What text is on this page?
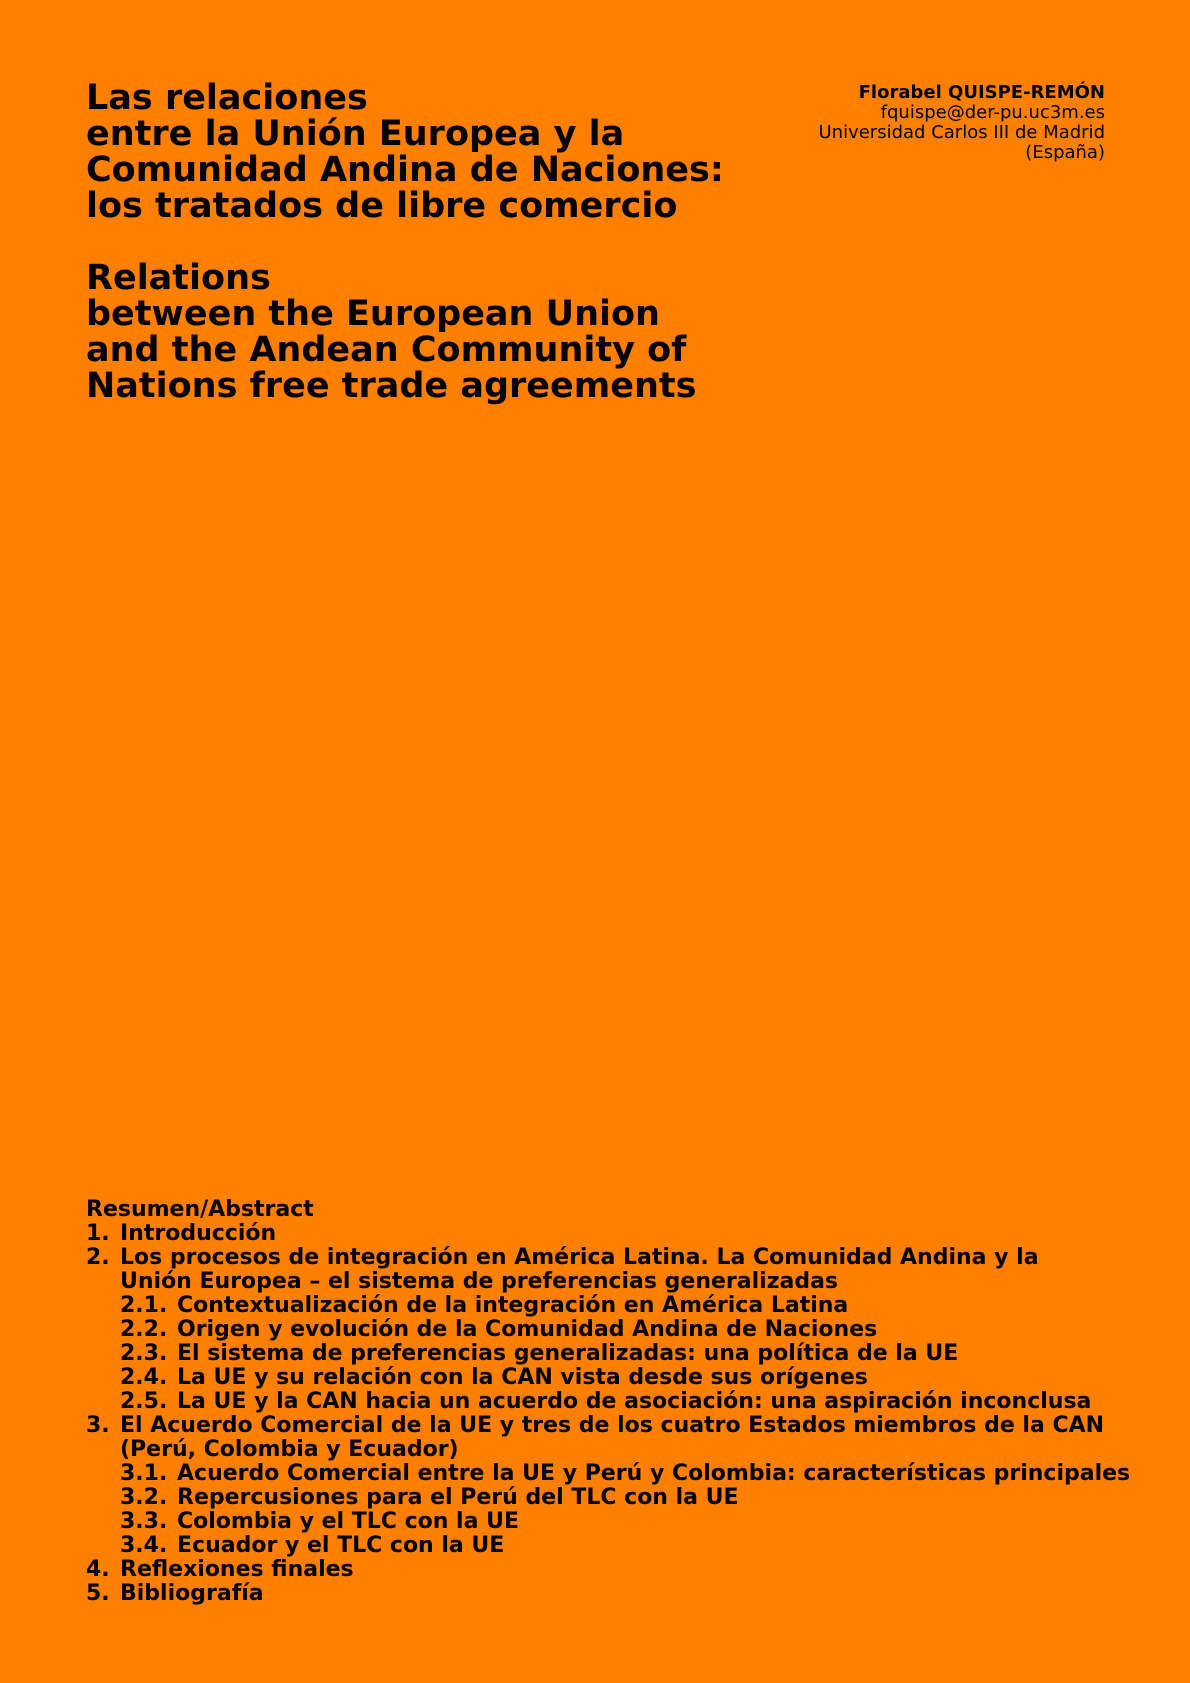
Las relaciones
entre la Unión Europea y la
Comunidad Andina de Naciones:
los tratados de libre comercio
Relations
between the European Union
and the Andean Community of
Nations free trade agreements
Florabel QUISPE-REMÓN
fquispe@der-pu.uc3m.es
Universidad Carlos III de Madrid
(España)
Resumen/Abstract
1. Introducción
2. Los procesos de integración en América Latina. La Comunidad Andina y la
Unión Europea – el sistema de preferencias generalizadas
2.1. Contextualización de la integración en América Latina
2.2. Origen y evolución de la Comunidad Andina de Naciones
2.3. El sistema de preferencias generalizadas: una política de la UE
2.4. La UE y su relación con la CAN vista desde sus orígenes
2.5. La UE y la CAN hacia un acuerdo de asociación: una aspiración inconclusa
3. El Acuerdo Comercial de la UE y tres de los cuatro Estados miembros de la CAN
(Perú, Colombia y Ecuador)
3.1. Acuerdo Comercial entre la UE y Perú y Colombia: características principales
3.2. Repercusiones para el Perú del TLC con la UE
3.3. Colombia y el TLC con la UE
3.4. Ecuador y el TLC con la UE
4. Reflexiones finales
5. Bibliografía
